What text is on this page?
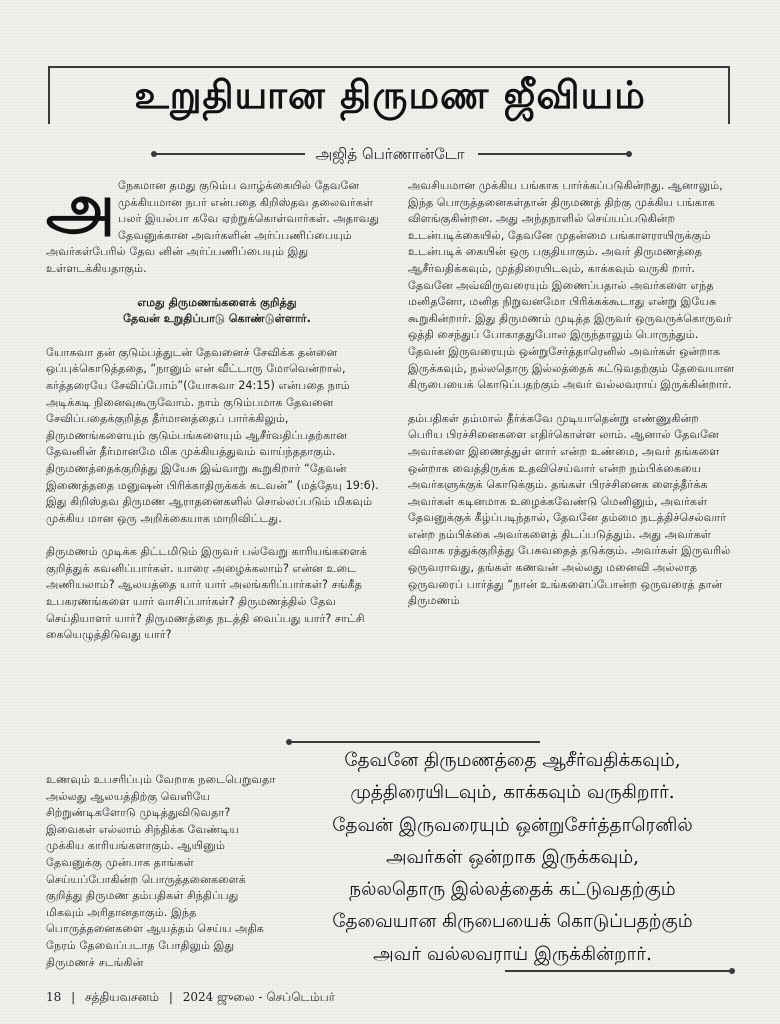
உறுதியான திருமண ஜீவியம்
அஜித் பெர்ணான்டோ

அ நேகமான தமது குடும்ப வாழ்க்கையில் தேவனே முக்கியமான நபர் என்பதை கிறிஸ்தவ தலைவர்கள் பலர் இயல்பா கவே ஏற்றுக்கொள்வார்கள். அதாவது தேவனுக்கான அவர்களின் அர்ப்பணிப்பையும் அவர்கள்பேரில் தேவ னின் அர்ப்பணிப்பையும் இது உள்ளடக்கியதாகும்.

எமது திருமணங்களைக் குறித்து

தேவன் உறுதிப்பாடு கொண்டுள்ளார்.

யோசுவா தன் குடும்பத்துடன் தேவனைச் சேவிக்க தன்னை ஒப்புக்கொடுத்ததை, “நானும் என் வீட்டாரு மோவென்றால், கர்த்தரையே சேவிப்போம்”(யோசுவா 24:15) என்பதை நாம் அடிக்கடி நினைவுகூருவோம். நாம் குடும்பமாக தேவனை சேவிப்பதைக்குறித்த தீர்மானத்தைப் பார்க்கிலும், திருமணங்களையும் குடும்பங்களையும் ஆசீர்வதிப்பதற்கான தேவனின் தீர்மானமே மிக முக்கியத்துவம் வாய்ந்ததாகும். திருமணத்தைக்குறித்து இயேசு இவ்வாறு கூறுகிறார் “தேவன் இணைத்ததை மனுஷன் பிரிக்காதிருக்கக் கடவன்” (மத்தேயு 19:6). இது கிறிஸ்தவ திருமண ஆராதனைகளில் சொல்லப்படும் மிகவும் முக்கிய மான ஒரு அறிக்கையாக மாறிவிட்டது.

திருமணம் முடிக்க திட்டமிடும் இருவர் பல்வேறு காரியங்களைக் குறித்துக் கவனிப்பார்கள். யாரை அழைக்கலாம்? என்ன உடை அணியலாம்? ஆலயத்தை யார் யார் அலங்கரிப்பார்கள்? சங்கீத உபகரணங்களை யார் வாசிப்பார்கள்? திருமணத்தில் தேவ செய்தியாளர் யார்? திருமணத்தை நடத்தி வைப்பது யார்? சாட்சி கையெழுத்திடுவது யார்?

உணவும் உபசரிப்பும் வேறாக நடைபெறுவதா அல்லது ஆலயத்திற்கு வெளியே சிற்றுண்டிகளோடு முடித்துவிடுவதா? இவைகள் எல்லாம் சிந்திக்க வேண்டிய முக்கிய காரியங்களாகும். ஆயினும் தேவனுக்கு முன்பாக தாங்கள் செய்யப்போகின்ற பொருத்தனைகளைக் குறித்து திருமண தம்பதிகள் சிந்திப்பது மிகவும் அரிதானதாகும். இந்த பொருத்தனைகளை ஆயத்தம் செய்ய அதிக நேரம் தேவைப்படாத போதிலும் இது திருமணச் சடங்கின்

அவசியமான முக்கிய பங்காக பார்க்கப்படுகின்றது. ஆனாலும், இந்த பொருத்தனைகள்தான் திருமணத் திற்கு முக்கிய பங்காக விளங்குகின்றன. அது அந்தநாளில் செய்யப்படுகின்ற உடன்படிக்கையில், தேவனே முதன்மை பங்காளராயிருக்கும் உடன்படிக் கையின் ஒரு பகுதியாகும். அவர் திருமணத்தை ஆசீர்வதிக்கவும், முத்திரையிடவும், காக்கவும் வருகி றார். தேவனே அவ்விருவரையும் இணைப்பதால் அவர்களை எந்த மனிதனோ, மனித நிறுவனமோ பிரிக்கக்கூடாது என்று இயேசு கூறுகின்றார். இது திருமணம் முடித்த இருவர் ஒருவருக்கொருவர் ஒத்தி சைந்துப் போகாததுபோல இருந்தாலும் பொருந்தும். தேவன் இருவரையும் ஒன்றுசேர்த்தாரெனில் அவர்கள் ஒன்றாக இருக்கவும், நல்லதொரு இல்லத்தைக் கட்டுவதற்கும் தேவையான கிருபையைக் கொடுப்பதற்கும் அவர் வல்லவராய் இருக்கின்றார்.

தம்பதிகள் தம்மால் தீர்க்கவே முடியாதென்று எண்ணுகின்ற பெரிய பிரச்சினைகளை எதிர்கொள்ள லாம். ஆனால் தேவனே அவர்களை இணைத்துள் ளார் என்ற உண்மை, அவர் தங்களை ஒன்றாக வைத்திருக்க உதவிசெய்வார் என்ற நம்பிக்கையை அவர்களுக்குக் கொடுக்கும். தங்கள் பிரச்சினைக ளைத்தீர்க்க அவர்கள் கடினமாக உழைக்கவேண்டு மெனினும், அவர்கள் தேவனுக்குக் கீழ்ப்படிந்தால், தேவனே தம்மை நடத்திச்செல்வார் என்ற நம்பிக்கை அவர்களைத் திடப்படுத்தும். அது அவர்கள் விவாக ரத்துக்குறித்து பேசுவதைத் தடுக்கும். அவர்கள் இருவரில் ஒருவராவது, தங்கள் கணவன் அல்லது மனைவி அல்லாத ஒருவரைப் பார்த்து “நான் உங்களைப்போன்ற ஒருவரைத் தான் திருமணம்

தேவனே திருமணத்தை ஆசீர்வதிக்கவும்,
முத்திரையிடவும், காக்கவும் வருகிறார்.
தேவன் இருவரையும் ஒன்றுசேர்த்தாரெனில்
அவர்கள் ஒன்றாக இருக்கவும்,
நல்லதொரு இல்லத்தைக் கட்டுவதற்கும்
தேவையான கிருபையைக் கொடுப்பதற்கும்
அவர் வல்லவராய் இருக்கின்றார்.
18 | சத்தியவசனம் | 2024 ஜுலை - செப்டெம்பர்
